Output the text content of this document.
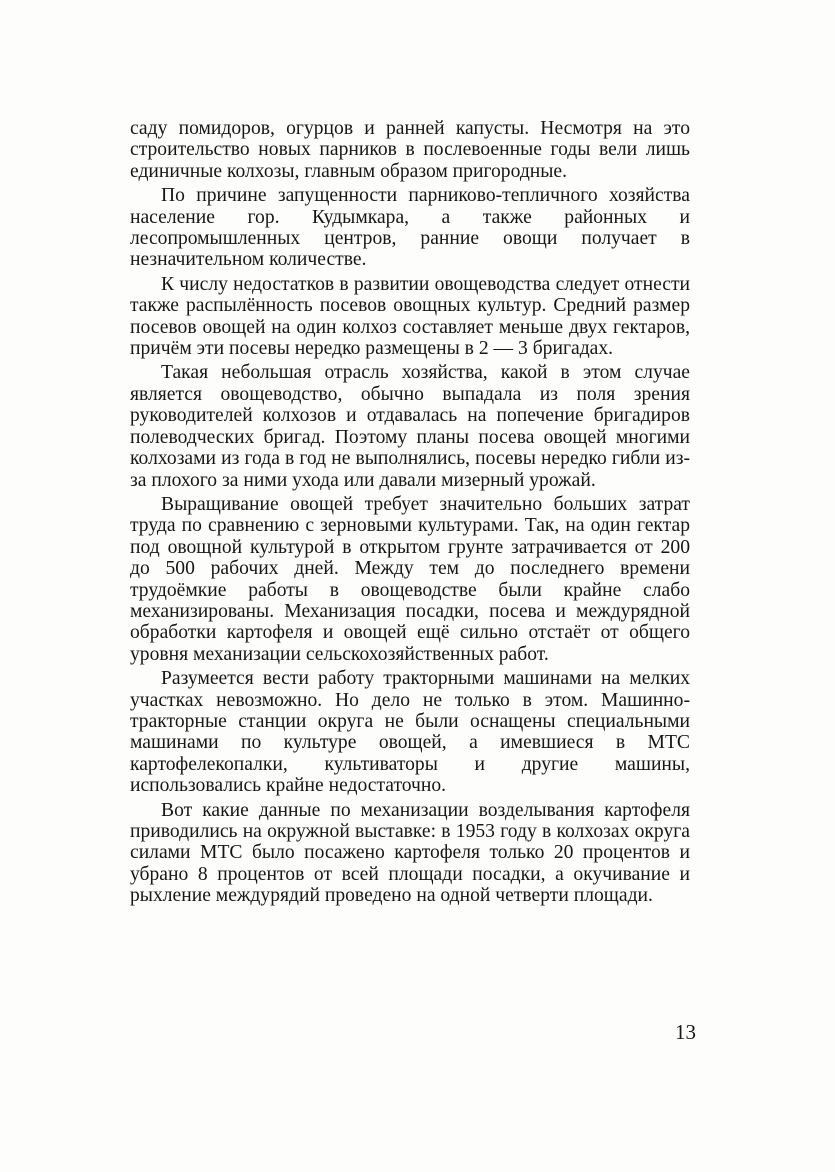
саду помидоров, огурцов и ранней капусты. Несмотря на это строительство новых парников в послевоенные годы вели лишь единичные колхозы, главным образом пригородные.

По причине запущенности парниково-тепличного хозяйства население гор. Кудымкара, а также районных и лесопромышленных центров, ранние овощи получает в незначительном количестве.

К числу недостатков в развитии овощеводства следует отнести также распылённость посевов овощных культур. Средний размер посевов овощей на один колхоз составляет меньше двух гектаров, причём эти посевы нередко размещены в 2 — 3 бригадах.

Такая небольшая отрасль хозяйства, какой в этом случае является овощеводство, обычно выпадала из поля зрения руководителей колхозов и отдавалась на попечение бригадиров полеводческих бригад. Поэтому планы посева овощей многими колхозами из года в год не выполнялись, посевы нередко гибли из-за плохого за ними ухода или давали мизерный урожай.

Выращивание овощей требует значительно больших затрат труда по сравнению с зерновыми культурами. Так, на один гектар под овощной культурой в открытом грунте затрачивается от 200 до 500 рабочих дней. Между тем до последнего времени трудоёмкие работы в овощеводстве были крайне слабо механизированы. Механизация посадки, посева и междурядной обработки картофеля и овощей ещё сильно отстаёт от общего уровня механизации сельскохозяйственных работ.

Разумеется вести работу тракторными машинами на мелких участках невозможно. Но дело не только в этом. Машинно-тракторные станции округа не были оснащены специальными машинами по культуре овощей, а имевшиеся в МТС картофелекопалки, культиваторы и другие машины, использовались крайне недостаточно.

Вот какие данные по механизации возделывания картофеля приводились на окружной выставке: в 1953 году в колхозах округа силами МТС было посажено картофеля только 20 процентов и убрано 8 процентов от всей площади посадки, а окучивание и рыхление междурядий проведено на одной четверти площади.

13
